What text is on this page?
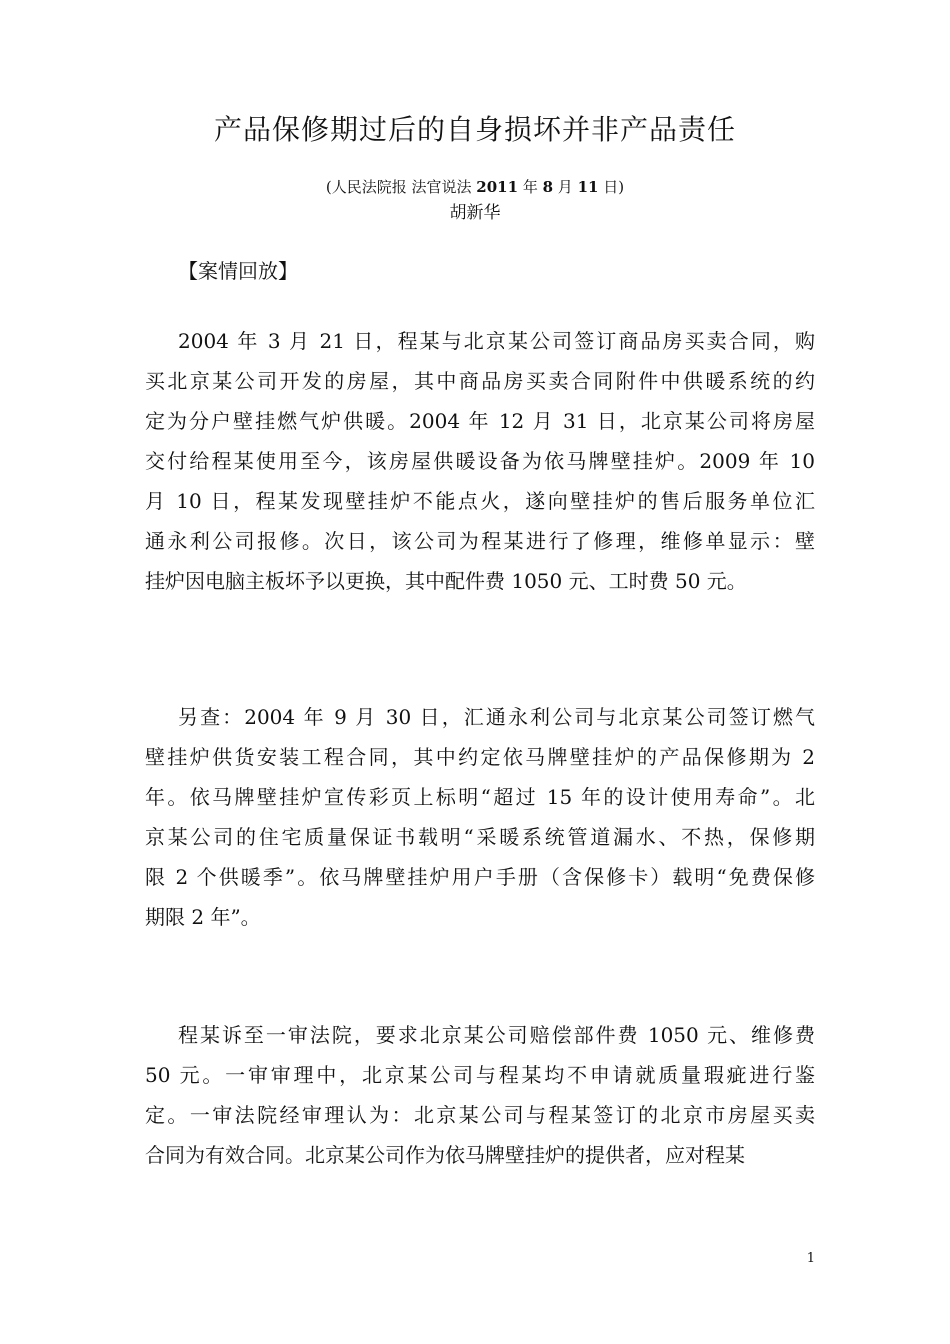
产品保修期过后的自身损坏并非产品责任
(人民法院报 法官说法 2011 年 8 月 11 日)
胡新华
【案情回放】
2004 年 3 月 21 日，程某与北京某公司签订商品房买卖合同，购
买北京某公司开发的房屋，其中商品房买卖合同附件中供暖系统的约
定为分户壁挂燃气炉供暖。2004 年 12 月 31 日，北京某公司将房屋
交付给程某使用至今，该房屋供暖设备为依马牌壁挂炉。2009 年 10
月 10 日，程某发现壁挂炉不能点火，遂向壁挂炉的售后服务单位汇
通永利公司报修。次日，该公司为程某进行了修理，维修单显示：壁
挂炉因电脑主板坏予以更换，其中配件费 1050 元、工时费 50 元。
另查：2004 年 9 月 30 日，汇通永利公司与北京某公司签订燃气
壁挂炉供货安装工程合同，其中约定依马牌壁挂炉的产品保修期为 2
年。依马牌壁挂炉宣传彩页上标明“超过 15 年的设计使用寿命”。北
京某公司的住宅质量保证书载明“采暖系统管道漏水、不热，保修期
限 2 个供暖季”。依马牌壁挂炉用户手册（含保修卡）载明“免费保修
期限 2 年”。
程某诉至一审法院，要求北京某公司赔偿部件费 1050 元、维修费
50 元。一审审理中，北京某公司与程某均不申请就质量瑕疵进行鉴
定。一审法院经审理认为：北京某公司与程某签订的北京市房屋买卖
合同为有效合同。北京某公司作为依马牌壁挂炉的提供者，应对程某
1
